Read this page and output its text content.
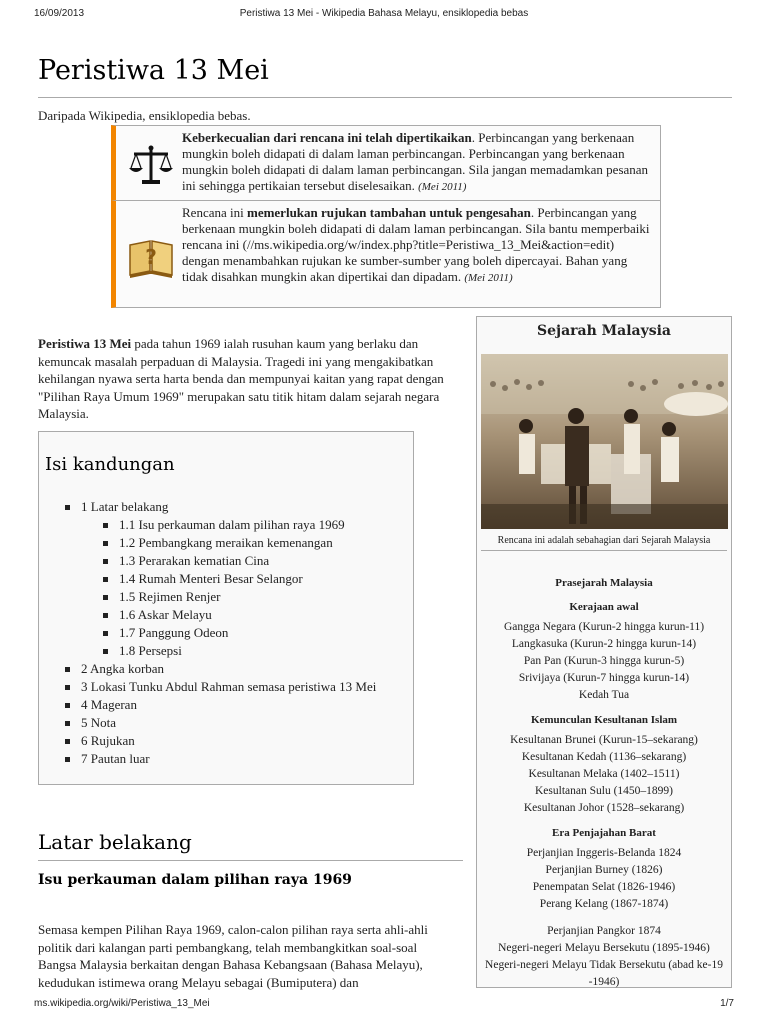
16/09/2013	Peristiwa 13 Mei - Wikipedia Bahasa Melayu, ensiklopedia bebas
Peristiwa 13 Mei
Daripada Wikipedia, ensiklopedia bebas.
Keberkecualian dari rencana ini telah dipertikaikan. Perbincangan yang berkenaan mungkin boleh didapati di dalam laman perbincangan. Perbincangan yang berkenaan mungkin boleh didapati di dalam laman perbincangan. Sila jangan memadamkan pesanan ini sehingga pertikaian tersebut diselesaikan. (Mei 2011)
?
Rencana ini memerlukan rujukan tambahan untuk pengesahan. Perbincangan yang berkenaan mungkin boleh didapati di dalam laman perbincangan. Sila bantu memperbaiki rencana ini (//ms.wikipedia.org/w/index.php?title=Peristiwa_13_Mei&action=edit) dengan menambahkan rujukan ke sumber-sumber yang boleh dipercayai. Bahan yang tidak disahkan mungkin akan dipertikai dan dipadam. (Mei 2011)

Peristiwa 13 Mei pada tahun 1969 ialah rusuhan kaum yang berlaku dan kemuncak masalah perpaduan di Malaysia. Tragedi ini yang mengakibatkan kehilangan nyawa serta harta benda dan mempunyai kaitan yang rapat dengan "Pilihan Raya Umum 1969" merupakan satu titik hitam dalam sejarah negara Malaysia.

Isi kandungan
1 Latar belakang
1.1 Isu perkauman dalam pilihan raya 1969
1.2 Pembangkang meraikan kemenangan
1.3 Perarakan kematian Cina
1.4 Rumah Menteri Besar Selangor
1.5 Rejimen Renjer
1.6 Askar Melayu
1.7 Panggung Odeon
1.8 Persepsi
2 Angka korban
3 Lokasi Tunku Abdul Rahman semasa peristiwa 13 Mei
4 Mageran
5 Nota
6 Rujukan
7 Pautan luar
Latar belakang
Isu perkauman dalam pilihan raya 1969

Semasa kempen Pilihan Raya 1969, calon-calon pilihan raya serta ahli-ahli politik dari kalangan parti pembangkang, telah membangkitkan soal-soal Bangsa Malaysia berkaitan dengan Bahasa Kebangsaan (Bahasa Melayu), kedudukan istimewa orang Melayu sebagai (Bumiputera) dan

Sejarah Malaysia
Rencana ini adalah sebahagian dari Sejarah Malaysia
Prasejarah Malaysia
Kerajaan awal
Gangga Negara (Kurun-2 hingga kurun-11)
Langkasuka (Kurun-2 hingga kurun-14)
Pan Pan (Kurun-3 hingga kurun-5)
Srivijaya (Kurun-7 hingga kurun-14)
Kedah Tua
Kemunculan Kesultanan Islam
Kesultanan Brunei (Kurun-15–sekarang)
Kesultanan Kedah (1136–sekarang)
Kesultanan Melaka (1402–1511)
Kesultanan Sulu (1450–1899)
Kesultanan Johor (1528–sekarang)
Era Penjajahan Barat
Perjanjian Inggeris-Belanda 1824
Perjanjian Burney (1826)
Penempatan Selat (1826-1946)
Perang Kelang (1867-1874)
Perjanjian Pangkor 1874
Negeri-negeri Melayu Bersekutu (1895-1946)
Negeri-negeri Melayu Tidak Bersekutu (abad ke-19 -1946)
ms.wikipedia.org/wiki/Peristiwa_13_Mei	1/7
